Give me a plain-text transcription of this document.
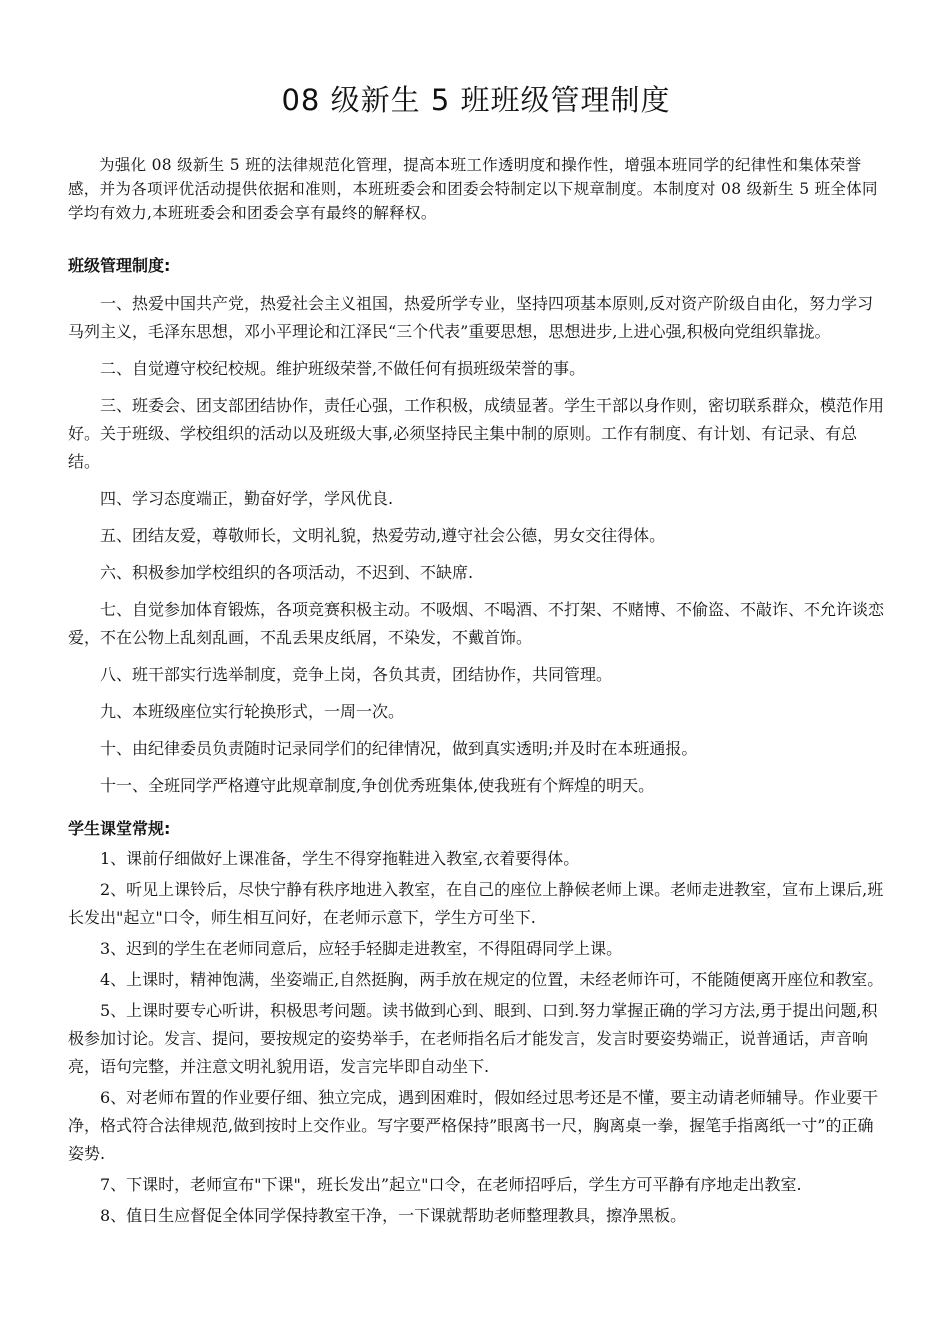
08 级新生 5 班班级管理制度

为强化 08 级新生 5 班的法律规范化管理，提高本班工作透明度和操作性，增强本班同学的纪律性和集体荣誉感，并为各项评优活动提供依据和准则，本班班委会和团委会特制定以下规章制度。本制度对 08 级新生 5 班全体同学均有效力,本班班委会和团委会享有最终的解释权。

班级管理制度:

一、热爱中国共产党，热爱社会主义祖国，热爱所学专业，坚持四项基本原则,反对资产阶级自由化，努力学习马列主义，毛泽东思想，邓小平理论和江泽民“三个代表”重要思想，思想进步,上进心强,积极向党组织靠拢。

二、自觉遵守校纪校规。维护班级荣誉,不做任何有损班级荣誉的事。

三、班委会、团支部团结协作，责任心强，工作积极，成绩显著。学生干部以身作则，密切联系群众，模范作用好。关于班级、学校组织的活动以及班级大事,必须坚持民主集中制的原则。工作有制度、有计划、有记录、有总结。

四、学习态度端正，勤奋好学，学风优良.

五、团结友爱，尊敬师长，文明礼貌，热爱劳动,遵守社会公德，男女交往得体。

六、积极参加学校组织的各项活动，不迟到、不缺席.

七、自觉参加体育锻炼，各项竞赛积极主动。不吸烟、不喝酒、不打架、不赌博、不偷盗、不敲诈、不允许谈恋爱，不在公物上乱刻乱画，不乱丢果皮纸屑，不染发，不戴首饰。

八、班干部实行选举制度，竞争上岗，各负其责，团结协作，共同管理。

九、本班级座位实行轮换形式，一周一次。

十、由纪律委员负责随时记录同学们的纪律情况，做到真实透明;并及时在本班通报。

十一、全班同学严格遵守此规章制度,争创优秀班集体,使我班有个辉煌的明天。

学生课堂常规:

1、课前仔细做好上课准备，学生不得穿拖鞋进入教室,衣着要得体。

2、听见上课铃后，尽快宁静有秩序地进入教室，在自己的座位上静候老师上课。老师走进教室，宣布上课后,班长发出"起立"口令，师生相互问好，在老师示意下，学生方可坐下.

3、迟到的学生在老师同意后，应轻手轻脚走进教室，不得阻碍同学上课。

4、上课时，精神饱满，坐姿端正,自然挺胸，两手放在规定的位置，未经老师许可，不能随便离开座位和教室。

5、上课时要专心听讲，积极思考问题。读书做到心到、眼到、口到.努力掌握正确的学习方法,勇于提出问题,积极参加讨论。发言、提问，要按规定的姿势举手，在老师指名后才能发言，发言时要姿势端正，说普通话，声音响亮，语句完整，并注意文明礼貌用语，发言完毕即自动坐下.

6、对老师布置的作业要仔细、独立完成，遇到困难时，假如经过思考还是不懂，要主动请老师辅导。作业要干净，格式符合法律规范,做到按时上交作业。写字要严格保持”眼离书一尺，胸离桌一拳，握笔手指离纸一寸”的正确姿势.

7、下课时，老师宣布"下课"，班长发出”起立"口令，在老师招呼后，学生方可平静有序地走出教室.

8、值日生应督促全体同学保持教室干净，一下课就帮助老师整理教具，擦净黑板。
